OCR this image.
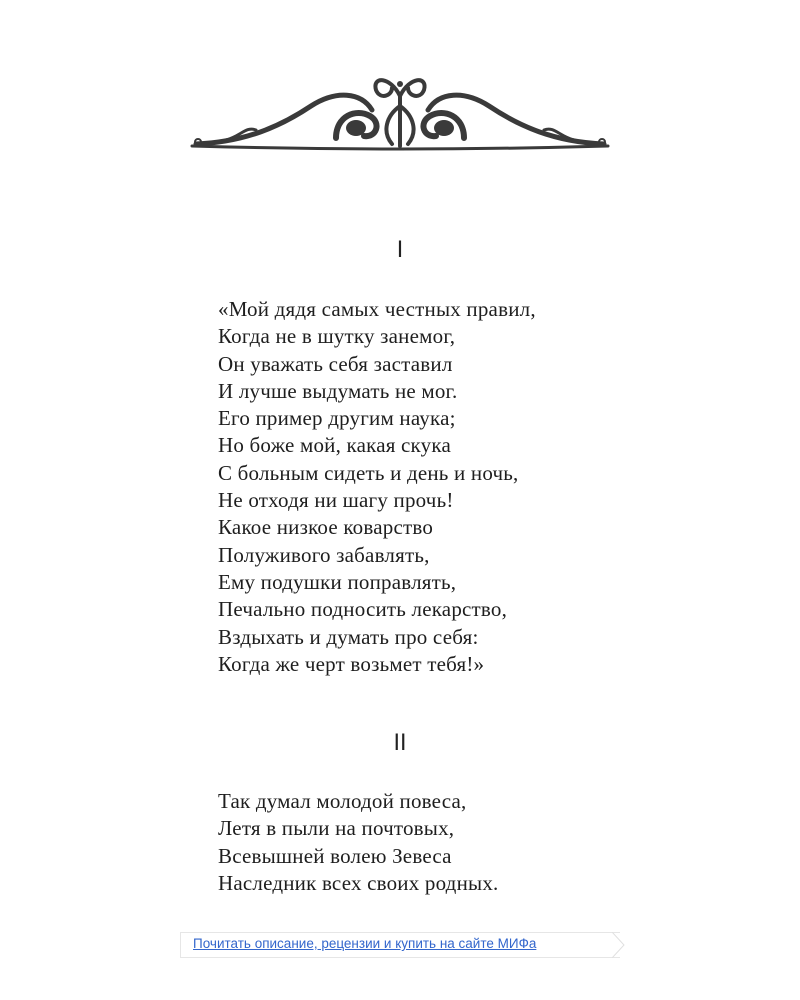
I
«Мой дядя самых честных правил,
Когда не в шутку занемог,
Он уважать себя заставил
И лучше выдумать не мог.
Его пример другим наука;
Но боже мой, какая скука
С больным сидеть и день и ночь,
Не отходя ни шагу прочь!
Какое низкое коварство
Полуживого забавлять,
Ему подушки поправлять,
Печально подносить лекарство,
Вздыхать и думать про себя:
Когда же черт возьмет тебя!»
II
Так думал молодой повеса,
Летя в пыли на почтовых,
Всевышней волею Зевеса
Наследник всех своих родных.
Почитать описание, рецензии и купить на сайте МИФа
